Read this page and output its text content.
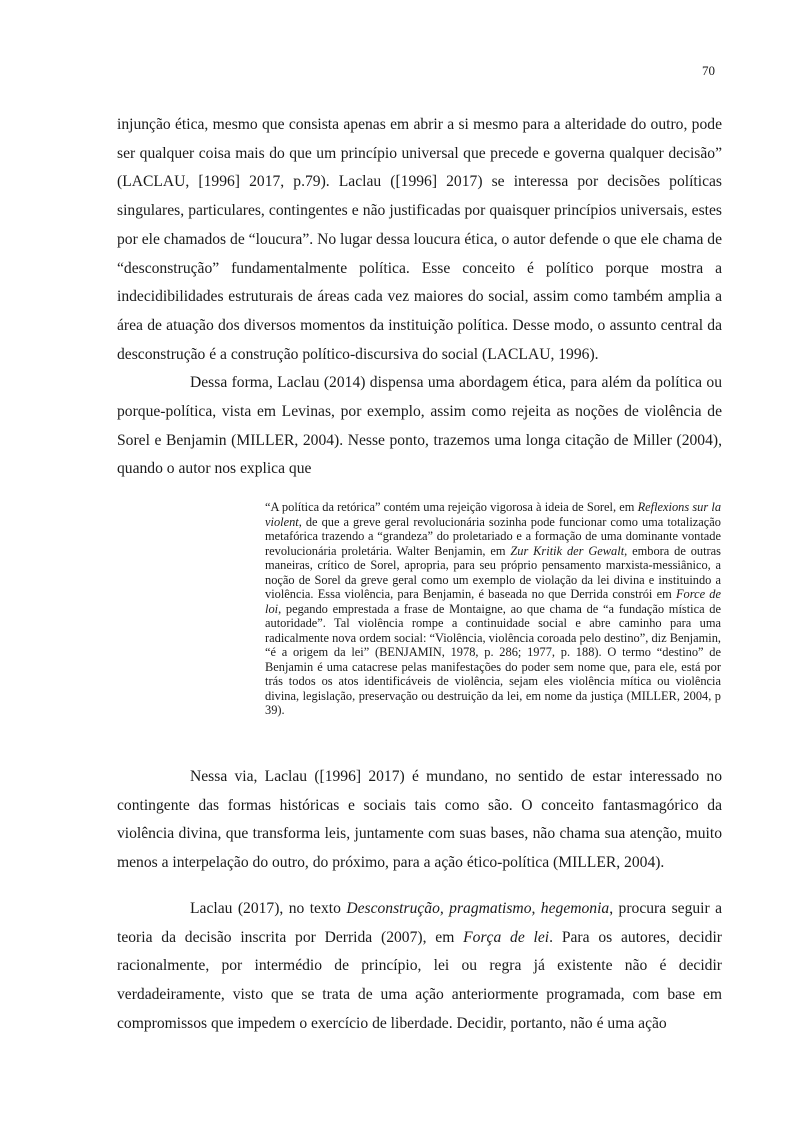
70

injunção ética, mesmo que consista apenas em abrir a si mesmo para a alteridade do outro, pode ser qualquer coisa mais do que um princípio universal que precede e governa qualquer decisão” (LACLAU, [1996] 2017, p.79). Laclau ([1996] 2017) se interessa por decisões políticas singulares, particulares, contingentes e não justificadas por quaisquer princípios universais, estes por ele chamados de “loucura”. No lugar dessa loucura ética, o autor defende o que ele chama de “desconstrução” fundamentalmente política. Esse conceito é político porque mostra a indecidibilidades estruturais de áreas cada vez maiores do social, assim como também amplia a área de atuação dos diversos momentos da instituição política. Desse modo, o assunto central da desconstrução é a construção político-discursiva do social (LACLAU, 1996).

Dessa forma, Laclau (2014) dispensa uma abordagem ética, para além da política ou porque-política, vista em Levinas, por exemplo, assim como rejeita as noções de violência de Sorel e Benjamin (MILLER, 2004). Nesse ponto, trazemos uma longa citação de Miller (2004), quando o autor nos explica que

“A política da retórica” contém uma rejeição vigorosa à ideia de Sorel, em Reflexions sur la violent, de que a greve geral revolucionária sozinha pode funcionar como uma totalização metafórica trazendo a “grandeza” do proletariado e a formação de uma dominante vontade revolucionária proletária. Walter Benjamin, em Zur Kritik der Gewalt, embora de outras maneiras, crítico de Sorel, apropria, para seu próprio pensamento marxista-messiânico, a noção de Sorel da greve geral como um exemplo de violação da lei divina e instituindo a violência. Essa violência, para Benjamin, é baseada no que Derrida constrói em Force de loi, pegando emprestada a frase de Montaigne, ao que chama de “a fundação mística de autoridade”. Tal violência rompe a continuidade social e abre caminho para uma radicalmente nova ordem social: “Violência, violência coroada pelo destino”, diz Benjamin, “é a origem da lei” (BENJAMIN, 1978, p. 286; 1977, p. 188). O termo “destino” de Benjamin é uma catacrese pelas manifestações do poder sem nome que, para ele, está por trás todos os atos identificáveis de violência, sejam eles violência mítica ou violência divina, legislação, preservação ou destruição da lei, em nome da justiça (MILLER, 2004, p 39).

Nessa via, Laclau ([1996] 2017) é mundano, no sentido de estar interessado no contingente das formas históricas e sociais tais como são. O conceito fantasmagórico da violência divina, que transforma leis, juntamente com suas bases, não chama sua atenção, muito menos a interpelação do outro, do próximo, para a ação ético-política (MILLER, 2004).

Laclau (2017), no texto Desconstrução, pragmatismo, hegemonia, procura seguir a teoria da decisão inscrita por Derrida (2007), em Força de lei. Para os autores, decidir racionalmente, por intermédio de princípio, lei ou regra já existente não é decidir verdadeiramente, visto que se trata de uma ação anteriormente programada, com base em compromissos que impedem o exercício de liberdade. Decidir, portanto, não é uma ação
